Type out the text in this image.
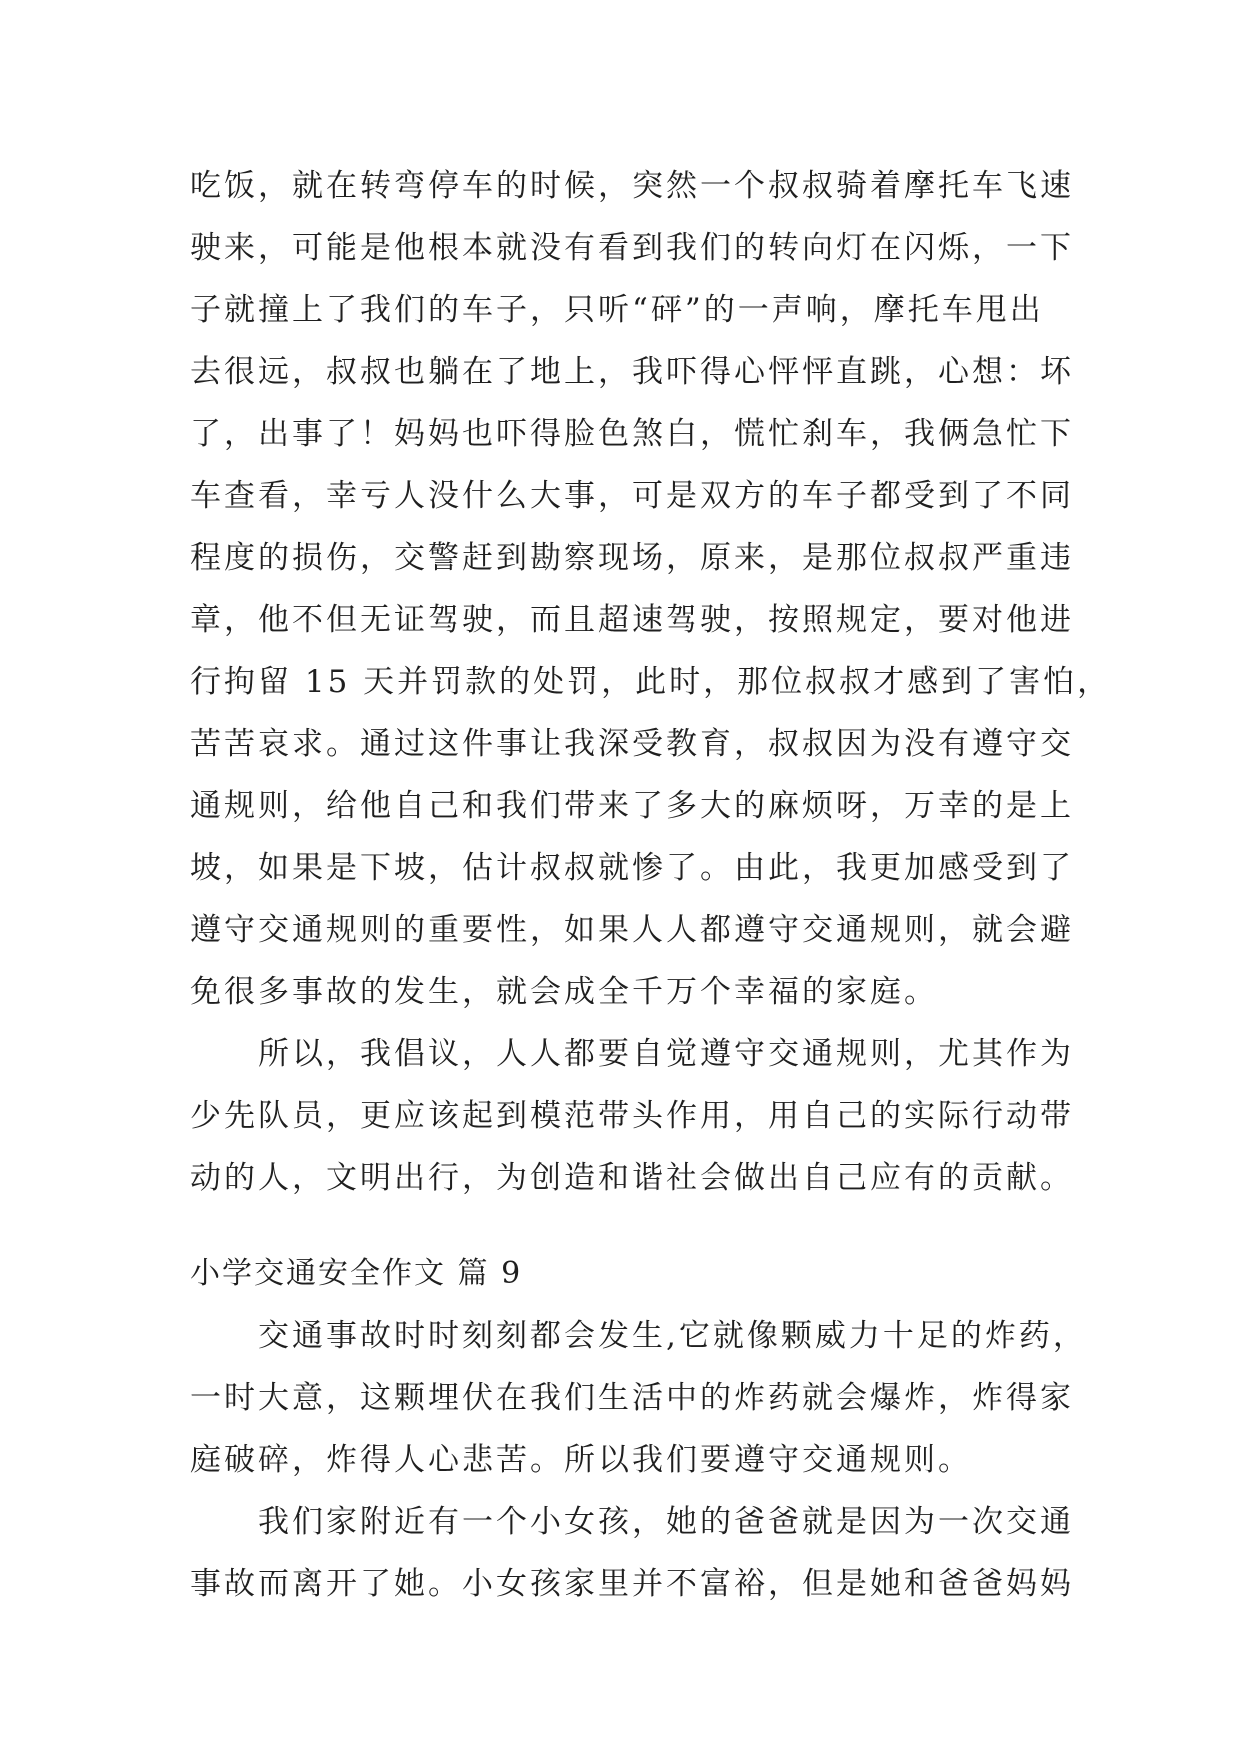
吃饭，就在转弯停车的时候，突然一个叔叔骑着摩托车飞速
驶来，可能是他根本就没有看到我们的转向灯在闪烁，一下
子就撞上了我们的车子，只听“砰”的一声响，摩托车甩出
去很远，叔叔也躺在了地上，我吓得心怦怦直跳，心想：坏
了，出事了！妈妈也吓得脸色煞白，慌忙刹车，我俩急忙下
车查看，幸亏人没什么大事，可是双方的车子都受到了不同
程度的损伤，交警赶到勘察现场，原来，是那位叔叔严重违
章，他不但无证驾驶，而且超速驾驶，按照规定，要对他进
行拘留 15 天并罚款的处罚，此时，那位叔叔才感到了害怕，
苦苦哀求。通过这件事让我深受教育，叔叔因为没有遵守交
通规则，给他自己和我们带来了多大的麻烦呀，万幸的是上
坡，如果是下坡，估计叔叔就惨了。由此，我更加感受到了
遵守交通规则的重要性，如果人人都遵守交通规则，就会避
免很多事故的发生，就会成全千万个幸福的家庭。
　　所以，我倡议，人人都要自觉遵守交通规则，尤其作为
少先队员，更应该起到模范带头作用，用自己的实际行动带
动的人，文明出行，为创造和谐社会做出自己应有的贡献。
小学交通安全作文 篇 9
　　交通事故时时刻刻都会发生,它就像颗威力十足的炸药，
一时大意，这颗埋伏在我们生活中的炸药就会爆炸，炸得家
庭破碎，炸得人心悲苦。所以我们要遵守交通规则。
　　我们家附近有一个小女孩，她的爸爸就是因为一次交通
事故而离开了她。小女孩家里并不富裕，但是她和爸爸妈妈
